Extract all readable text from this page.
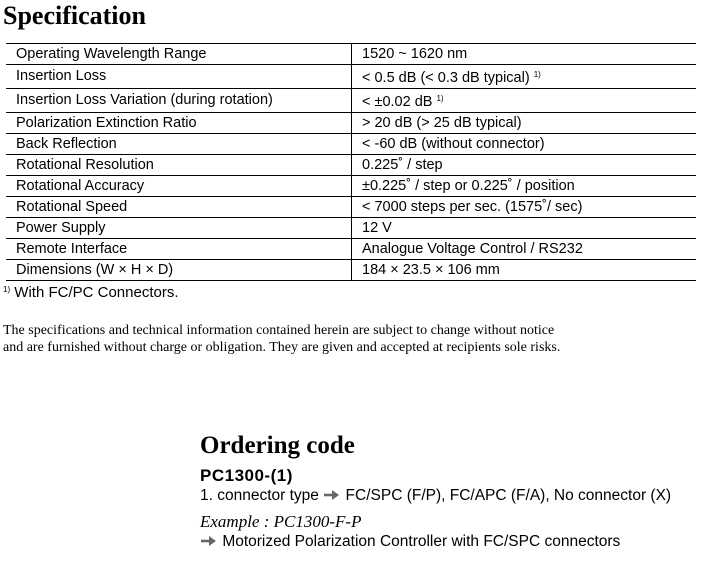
Specification
Operating Wavelength Range	1520 ~ 1620 nm
Insertion Loss	< 0.5 dB (< 0.3 dB typical) $^{1)}$
Insertion Loss Variation (during rotation)	< ±0.02 dB $^{1)}$
Polarization Extinction Ratio	> 20 dB (> 25 dB typical)
Back Reflection	< -60 dB (without connector)
Rotational Resolution	0.225˚ / step
Rotational Accuracy	±0.225˚ / step or 0.225˚ / position
Rotational Speed	< 7000 steps per sec. (1575˚/ sec)
Power Supply	12 V
Remote Interface	Analogue Voltage Control / RS232
Dimensions (W × H × D)	184 × 23.5 × 106 mm
$^{1)}$ With FC/PC Connectors.
The specifications and technical information contained herein are subject to change without notice
and are furnished without charge or obligation. They are given and accepted at recipients sole risks.
Ordering code
PC1300-(1)
1. connector type FC/SPC (F/P), FC/APC (F/A), No connector (X)
Example : PC1300-F-P
Motorized Polarization Controller with FC/SPC connectors
